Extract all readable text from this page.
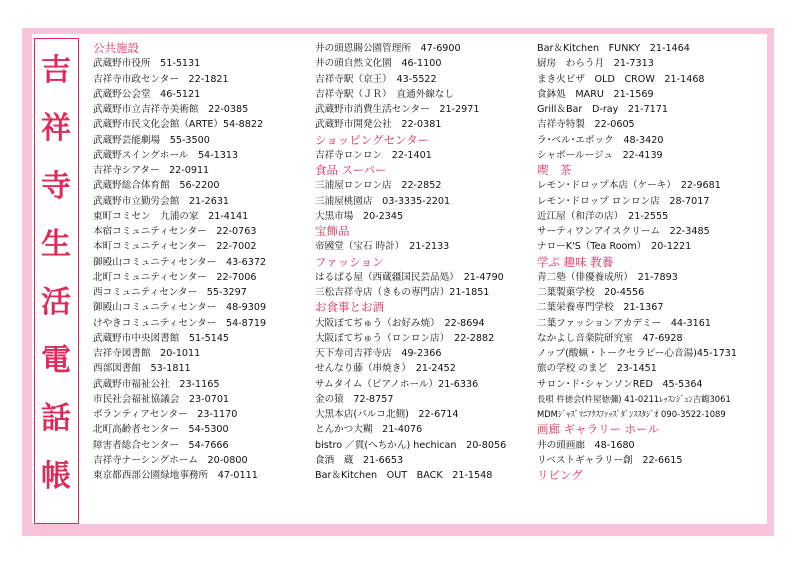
吉
祥
寺
生
活
電
話
帳
公共施設
武蔵野市役所　51-5131
吉祥寺市政センター　22-1821
武蔵野公会堂　46-5121
武蔵野市立吉祥寺美術館　22-0385
武蔵野市民文化会館（ARTE）54-8822
武蔵野芸能劇場　55-3500
武蔵野スイングホール　54-1313
吉祥寺シアター　22-0911
武蔵野総合体育館　56-2200
武蔵野市立勤労会館　21-2631
東町コミセン　九浦の家　21-4141
本宿コミュニティセンター　22-0763
本町コミュニティセンター　22-7002
御殿山コミュニティセンター　43-6372
北町コミュニティセンター　22-7006
西コミュニティセンター　55-3297
御殿山コミュニティセンター　48-9309
けやきコミュニティセンター　54-8719
武蔵野市中央図書館　51-5145
吉祥寺図書館　20-1011
西部図書館　53-1811
武蔵野市福祉公社　23-1165
市民社会福祉協議会　23-0701
ボランティアセンター　23-1170
北町高齢者センター　54-5300
障害者総合センター　54-7666
吉祥寺ナーシングホーム　20-0800
東京都西部公園緑地事務所　47-0111
井の頭恩賜公園管理所　47-6900
井の頭自然文化園　46-1100
吉祥寺駅（京王）　43-5522
吉祥寺駅（ＪＲ）　直通外線なし
武蔵野市消費生活センター　21-2971
武蔵野市開発公社　22-0381
ショッピングセンター
吉祥寺ロンロン　22-1401
食品 スーパー
三浦屋ロンロン店　22-2852
三浦屋桃園店　03-3335-2201
大黒市場　20-2345
宝飾品
帝國堂（宝石 時計）　21-2133
ファッション
はるぱる屋（西蔵疆国民芸品処）　21-4790
三松吉祥寺店（きもの専門店）21-1851
お食事とお酒
大阪ぼてぢゅう（お好み焼）　22-8694
大阪ぼてぢゅう（ロンロン店）　22-2882
天下寿司吉祥寺店　49-2366
せんなり藤（串焼き）　21-2452
サムタイム（ピアノホール）21-6336
金の猿　72-8757
大黒本店(パルコ北側)　22-6714
とんかつ大糊　21-4076
bistro ／貫(へちかん) hechican　20-8056
食酒　蔵　21-6653
Bar＆Kitchen　OUT　BACK　21-1548
Bar＆Kitchen　FUNKY　21-1464
厨房　わらう月　21-7313
まき火ビザ　OLD　CROW　21-1468
食鉢処　MARU　21-1569
Grill＆Bar　D-ray　21-7171
吉祥寺特製　22-0605
ラ･ベル･エポック　48-3420
シャボールージュ　22-4139
喫　茶
レモン･ドロップ本店（ケーキ）　22-9681
レモン･ドロップ ロンロン店　28-7017
近江屋（和洋の店）　21-2555
サーティワンアイスクリーム　22-3485
ナローK'S（Tea Room）　20-1221
学ぶ 趣味 教養
青二塾（俳優養成所）　21-7893
二葉製菓学校　20-4556
二葉栄養専門学校　21-1367
二葉ファッションアカデミー　44-3161
なかよし音楽院研究室　47-6928
ノップ(酸蝋・トークセラピー心音湯)45-1731
旅の学校 のまど　23-1451
サロン･ド･シャンソンRED　45-5364
長唄 杵徳会(杵屋徳彌) 41-0211ﾚｯｽﾝｼﾞｭﾝ吉鶴3061
MDMｼﾞｬｽﾞﾏﾆｱｸｽﾌｧｯｽﾞﾀﾞﾝｽｽﾀｼﾞｵ 090-3522-1089
画廊 ギャラリー ホール
井の頭画廊　48-1680
リベストギャラリー創　22-6615
リビング
